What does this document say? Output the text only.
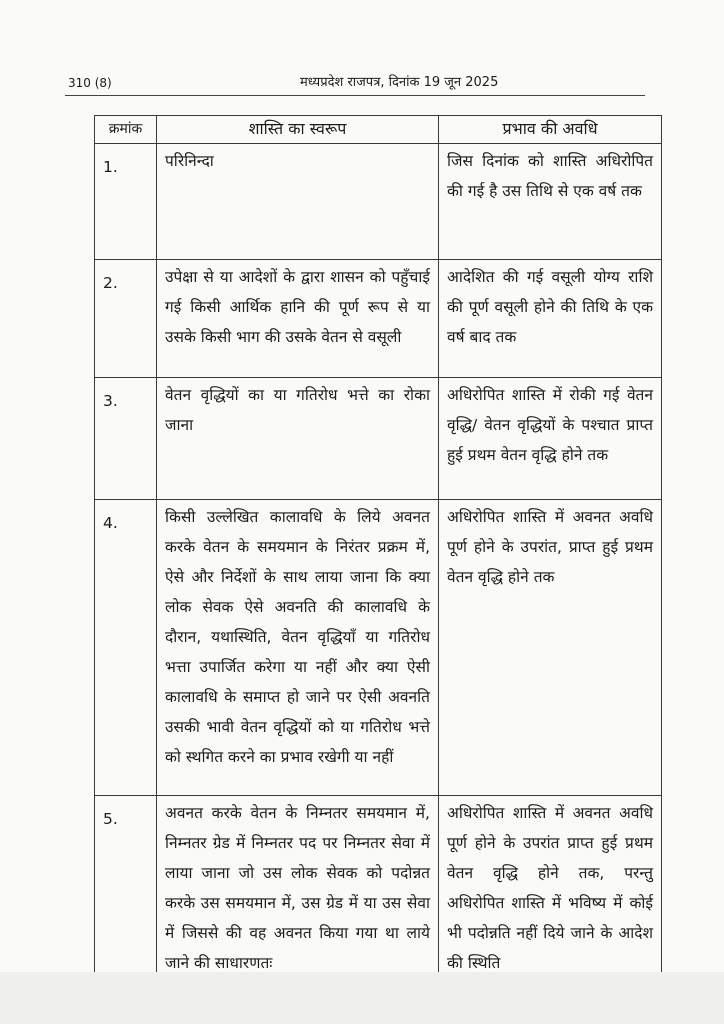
310 (8)	मध्यप्रदेश राजपत्र, दिनांक 19 जून 2025
क्रमांक	शास्ति का स्वरूप	प्रभाव की अवधि
1.	परिनिन्दा	जिस दिनांक को शास्ति अधिरोपित की गई है उस तिथि से एक वर्ष तक
2.	उपेक्षा से या आदेशों के द्वारा शासन को पहुँचाई गई किसी आर्थिक हानि की पूर्ण रूप से या उसके किसी भाग की उसके वेतन से वसूली	आदेशित की गई वसूली योग्य राशि की पूर्ण वसूली होने की तिथि के एक वर्ष बाद तक
3.	वेतन वृद्धियों का या गतिरोध भत्ते का रोका जाना	अधिरोपित शास्ति में रोकी गई वेतन वृद्धि/ वेतन वृद्धियों के पश्चात प्राप्त हुई प्रथम वेतन वृद्धि होने तक
4.	किसी उल्लेखित कालावधि के लिये अवनत करके वेतन के समयमान के निरंतर प्रक्रम में, ऐसे और निर्देशों के साथ लाया जाना कि क्या लोक सेवक ऐसे अवनति की कालावधि के दौरान, यथास्थिति, वेतन वृद्धियाँ या गतिरोध भत्ता उपार्जित करेगा या नहीं और क्या ऐसी कालावधि के समाप्त हो जाने पर ऐसी अवनति उसकी भावी वेतन वृद्धियों को या गतिरोध भत्ते को स्थगित करने का प्रभाव रखेगी या नहीं	अधिरोपित शास्ति में अवनत अवधि पूर्ण होने के उपरांत, प्राप्त हुई प्रथम वेतन वृद्धि होने तक
5.	अवनत करके वेतन के निम्नतर समयमान में, निम्नतर ग्रेड में निम्नतर पद पर निम्नतर सेवा में लाया जाना जो उस लोक सेवक को पदोन्नत करके उस समयमान में, उस ग्रेड में या उस सेवा में जिससे की वह अवनत किया गया था लाये जाने की साधारणतः	अधिरोपित शास्ति में अवनत अवधि पूर्ण होने के उपरांत प्राप्त हुई प्रथम वेतन वृद्धि होने तक, परन्तु अधिरोपित शास्ति में भविष्य में कोई भी पदोन्नति नहीं दिये जाने के आदेश की स्थिति
